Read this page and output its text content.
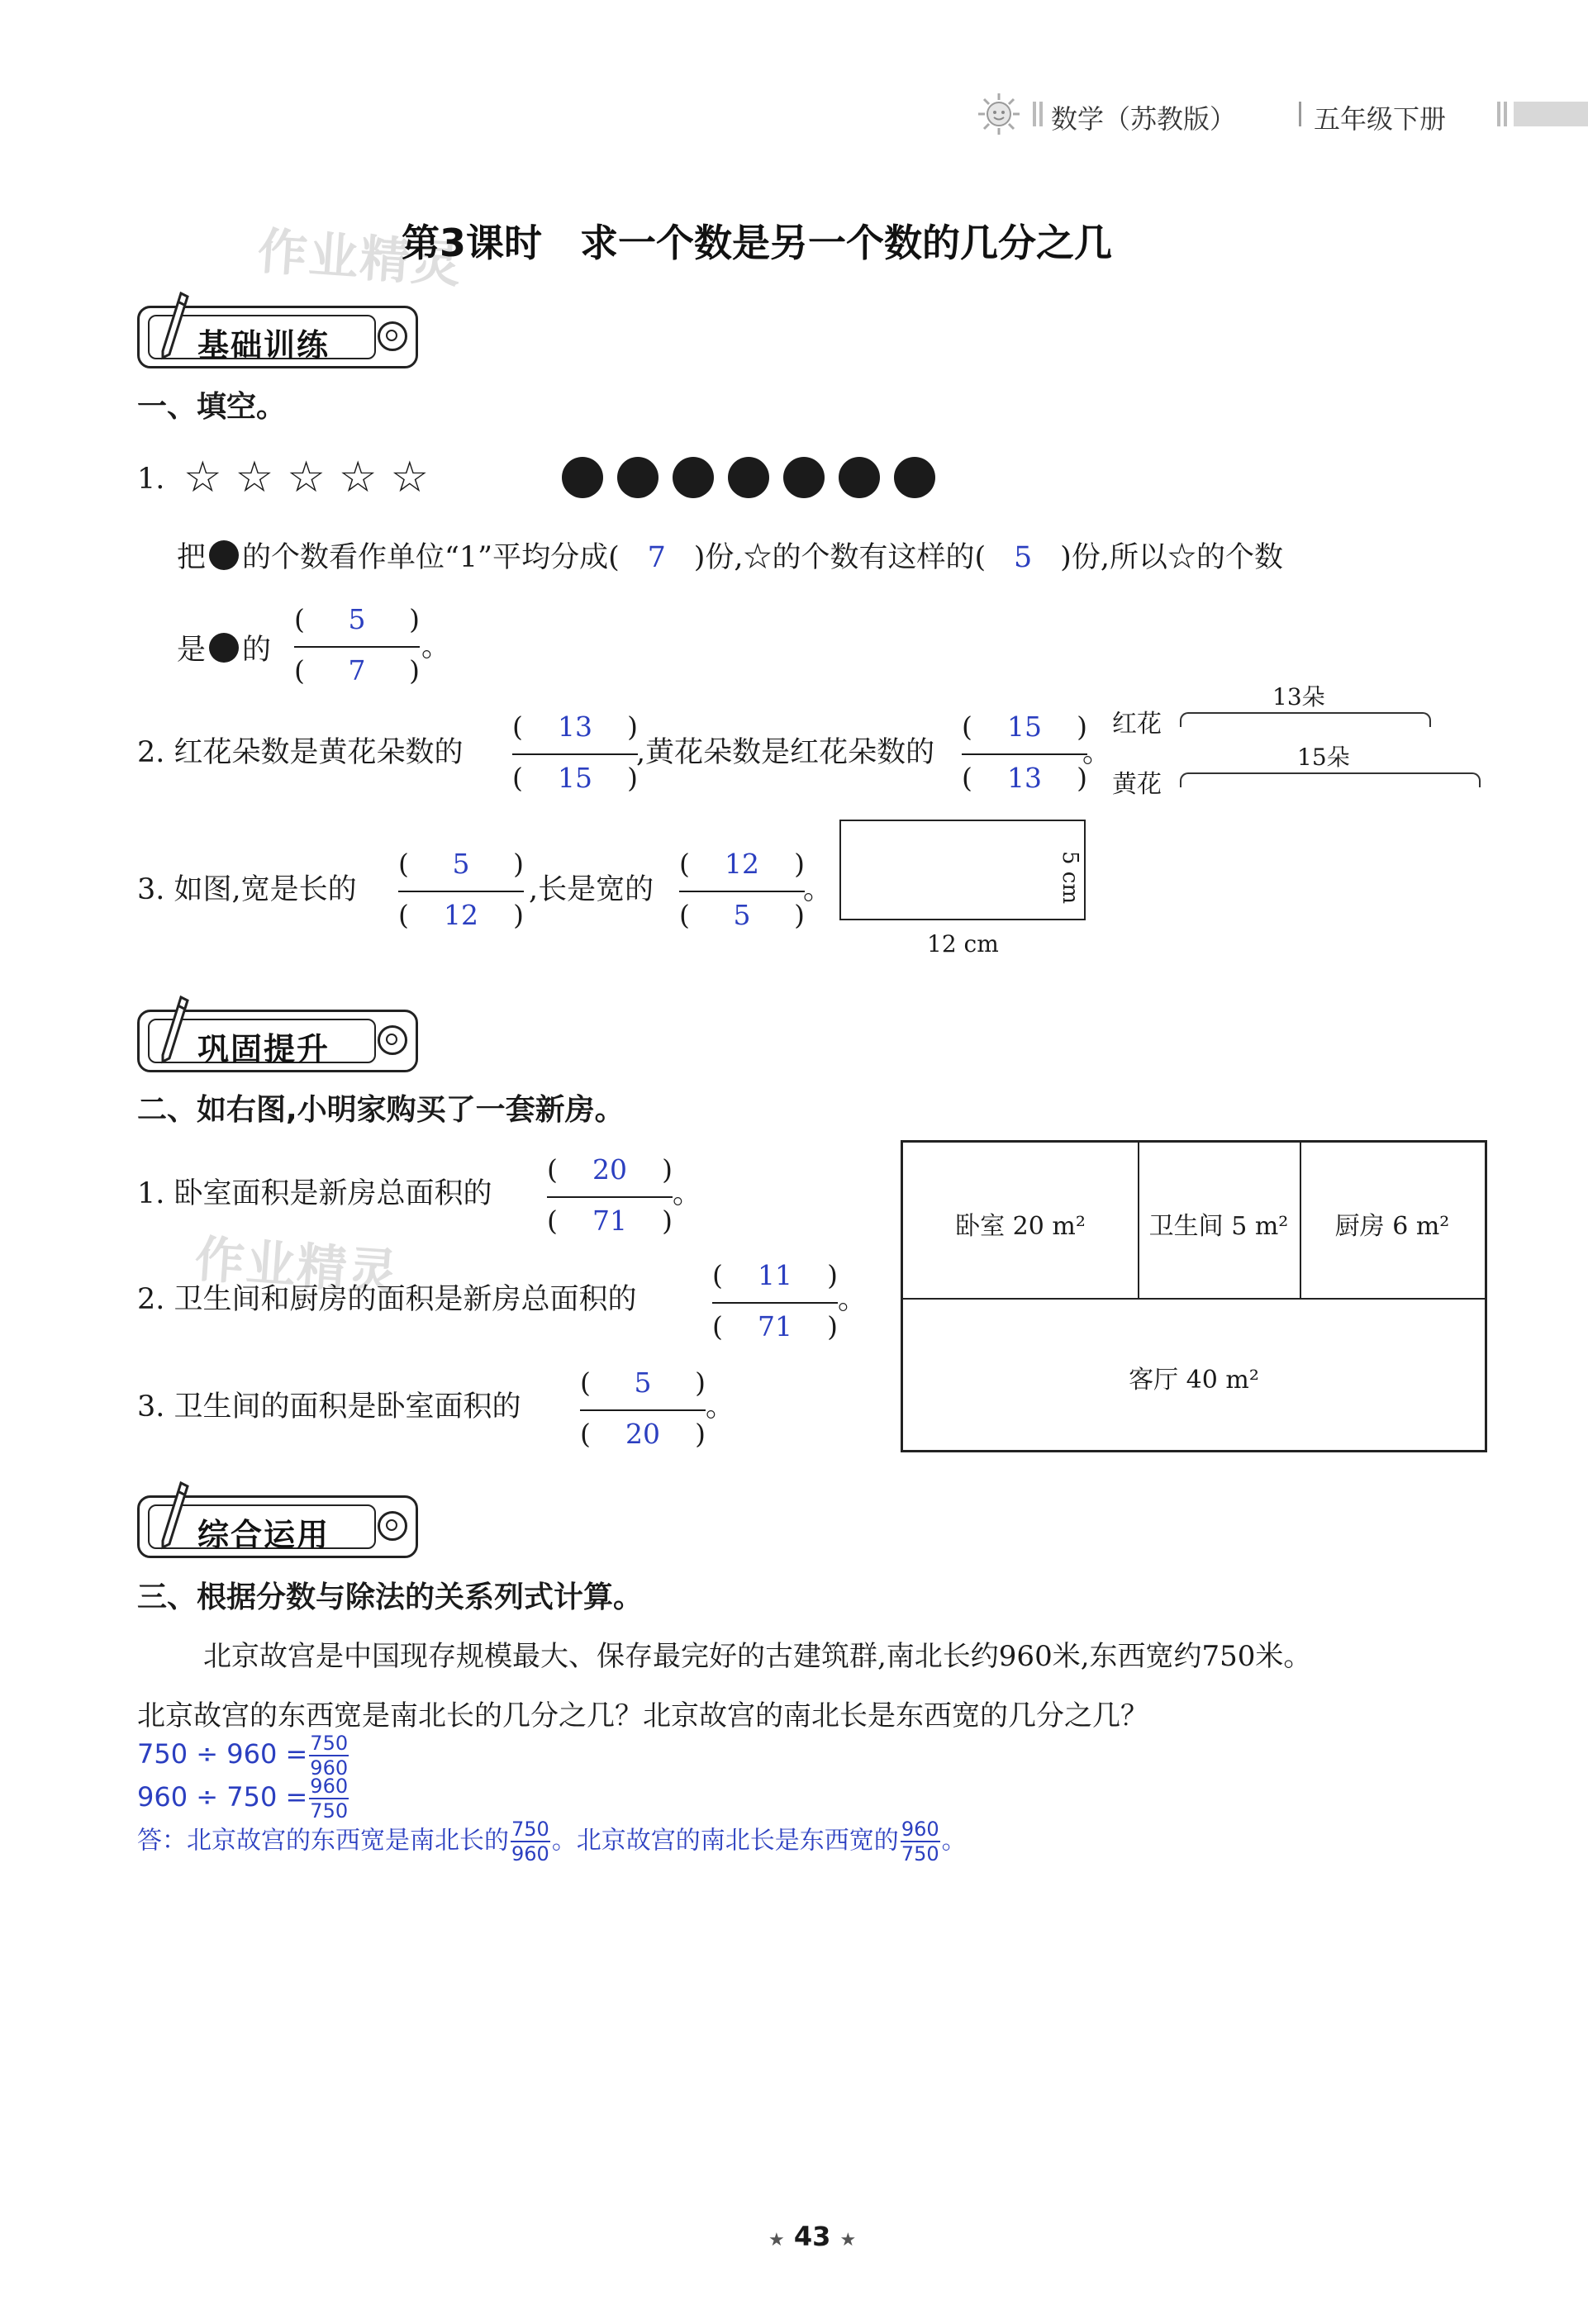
数学（苏教版）	五年级下册
作业精灵
第3课时　求一个数是另一个数的几分之几
基础训练
一、填空。
1. ☆ ☆ ☆ ☆ ☆
把 的个数看作单位“1”平均分成( 7 )份,☆的个数有这样的( 5 )份,所以☆的个数
是 的
( 5 )
( 7 )
。
2. 红花朵数是黄花朵数的
( 13 )
( 15 )
,黄花朵数是红花朵数的
( 15 )
( 13 )
。
红花
13朵
黄花
15朵
3. 如图,宽是长的
( 5 )
( 12 )
,长是宽的
( 12 )
( 5 )
。	5 cm
12 cm
巩固提升
二、如右图,小明家购买了一套新房。
1. 卧室面积是新房总面积的
( 20 )
( 71 )
。
作业精灵
2. 卫生间和厨房的面积是新房总面积的
( 11 )
( 71 )
。
3. 卫生间的面积是卧室面积的
( 5 )
( 20 )
。
卧室 20 m²	卫生间 5 m²	厨房 6 m²
客厅 40 m²
综合运用
三、根据分数与除法的关系列式计算。
北京故宫是中国现存规模最大、保存最完好的古建筑群,南北长约960米,东西宽约750米。
北京故宫的东西宽是南北长的几分之几？北京故宫的南北长是东西宽的几分之几？
$750 \div 960 = \frac{750}{960}$
$960 \div 750 = \frac{960}{750}$
答：北京故宫的东西宽是南北长的 $\frac{750}{960}$ 。北京故宫的南北长是东西宽的 $\frac{960}{750}$ 。
★ 43 ★
